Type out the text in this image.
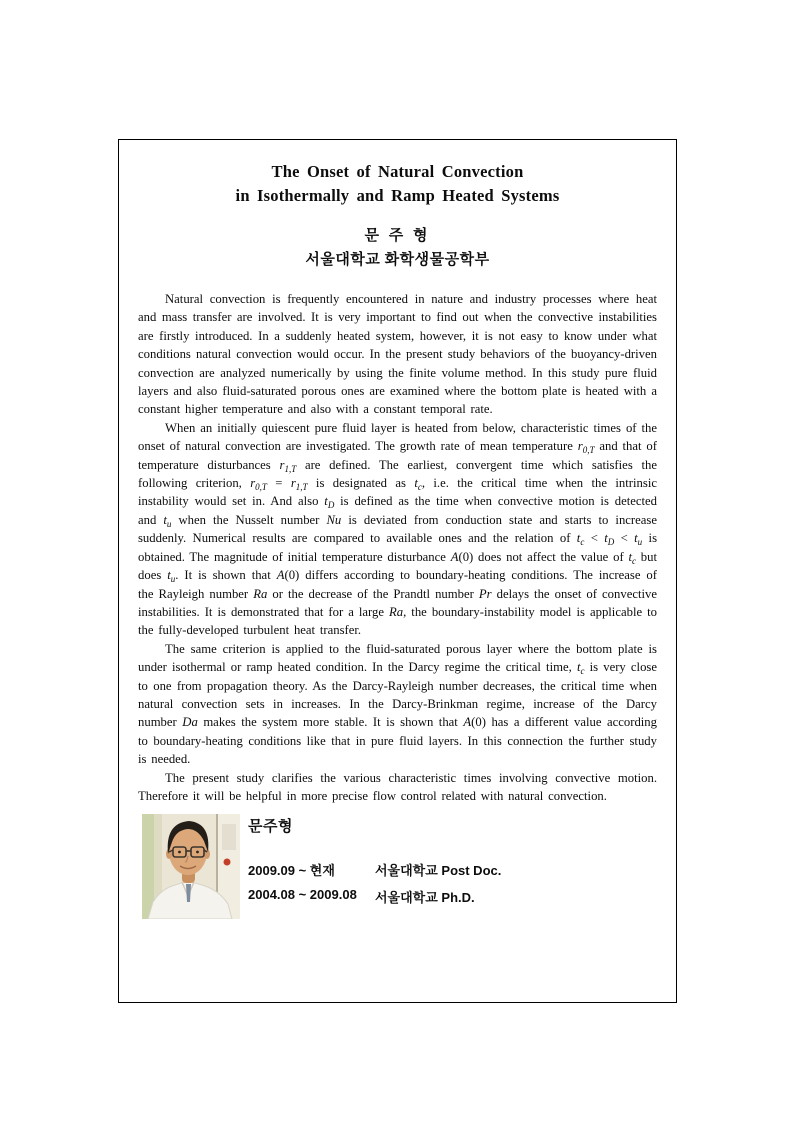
The Onset of Natural Convection
in Isothermally and Ramp Heated Systems
문 주 형
서울대학교 화학생물공학부

Natural convection is frequently encountered in nature and industry processes where heat and mass transfer are involved. It is very important to find out when the convective instabilities are firstly introduced. In a suddenly heated system, however, it is not easy to know under what conditions natural convection would occur. In the present study behaviors of the buoyancy-driven convection are analyzed numerically by using the finite volume method. In this study pure fluid layers and also fluid-saturated porous ones are examined where the bottom plate is heated with a constant higher temperature and also with a constant temporal rate.

When an initially quiescent pure fluid layer is heated from below, characteristic times of the onset of natural convection are investigated. The growth rate of mean temperature $r_{0,T}$ and that of temperature disturbances $r_{1,T}$ are defined. The earliest, convergent time which satisfies the following criterion, $r_{0,T} = r_{1,T}$ is designated as $t_c$, i.e. the critical time when the intrinsic instability would set in. And also $t_D$ is defined as the time when convective motion is detected and $t_u$ when the Nusselt number Nu is deviated from conduction state and starts to increase suddenly. Numerical results are compared to available ones and the relation of $t_c < t_D < t_u$ is obtained. The magnitude of initial temperature disturbance A(0) does not affect the value of $t_c$ but does $t_u$. It is shown that A(0) differs according to boundary-heating conditions. The increase of the Rayleigh number Ra or the decrease of the Prandtl number Pr delays the onset of convective instabilities. It is demonstrated that for a large Ra, the boundary-instability model is applicable to the fully-developed turbulent heat transfer.

The same criterion is applied to the fluid-saturated porous layer where the bottom plate is under isothermal or ramp heated condition. In the Darcy regime the critical time, $t_c$ is very close to one from propagation theory. As the Darcy-Rayleigh number decreases, the critical time when natural convection sets in increases. In the Darcy-Brinkman regime, increase of the Darcy number Da makes the system more stable. It is shown that A(0) has a different value according to boundary-heating conditions like that in pure fluid layers. In this connection the further study is needed.

The present study clarifies the various characteristic times involving convective motion. Therefore it will be helpful in more precise flow control related with natural convection.

문주형
2009.09 ~ 현재	서울대학교 Post Doc.
2004.08 ~ 2009.08	서울대학교 Ph.D.
